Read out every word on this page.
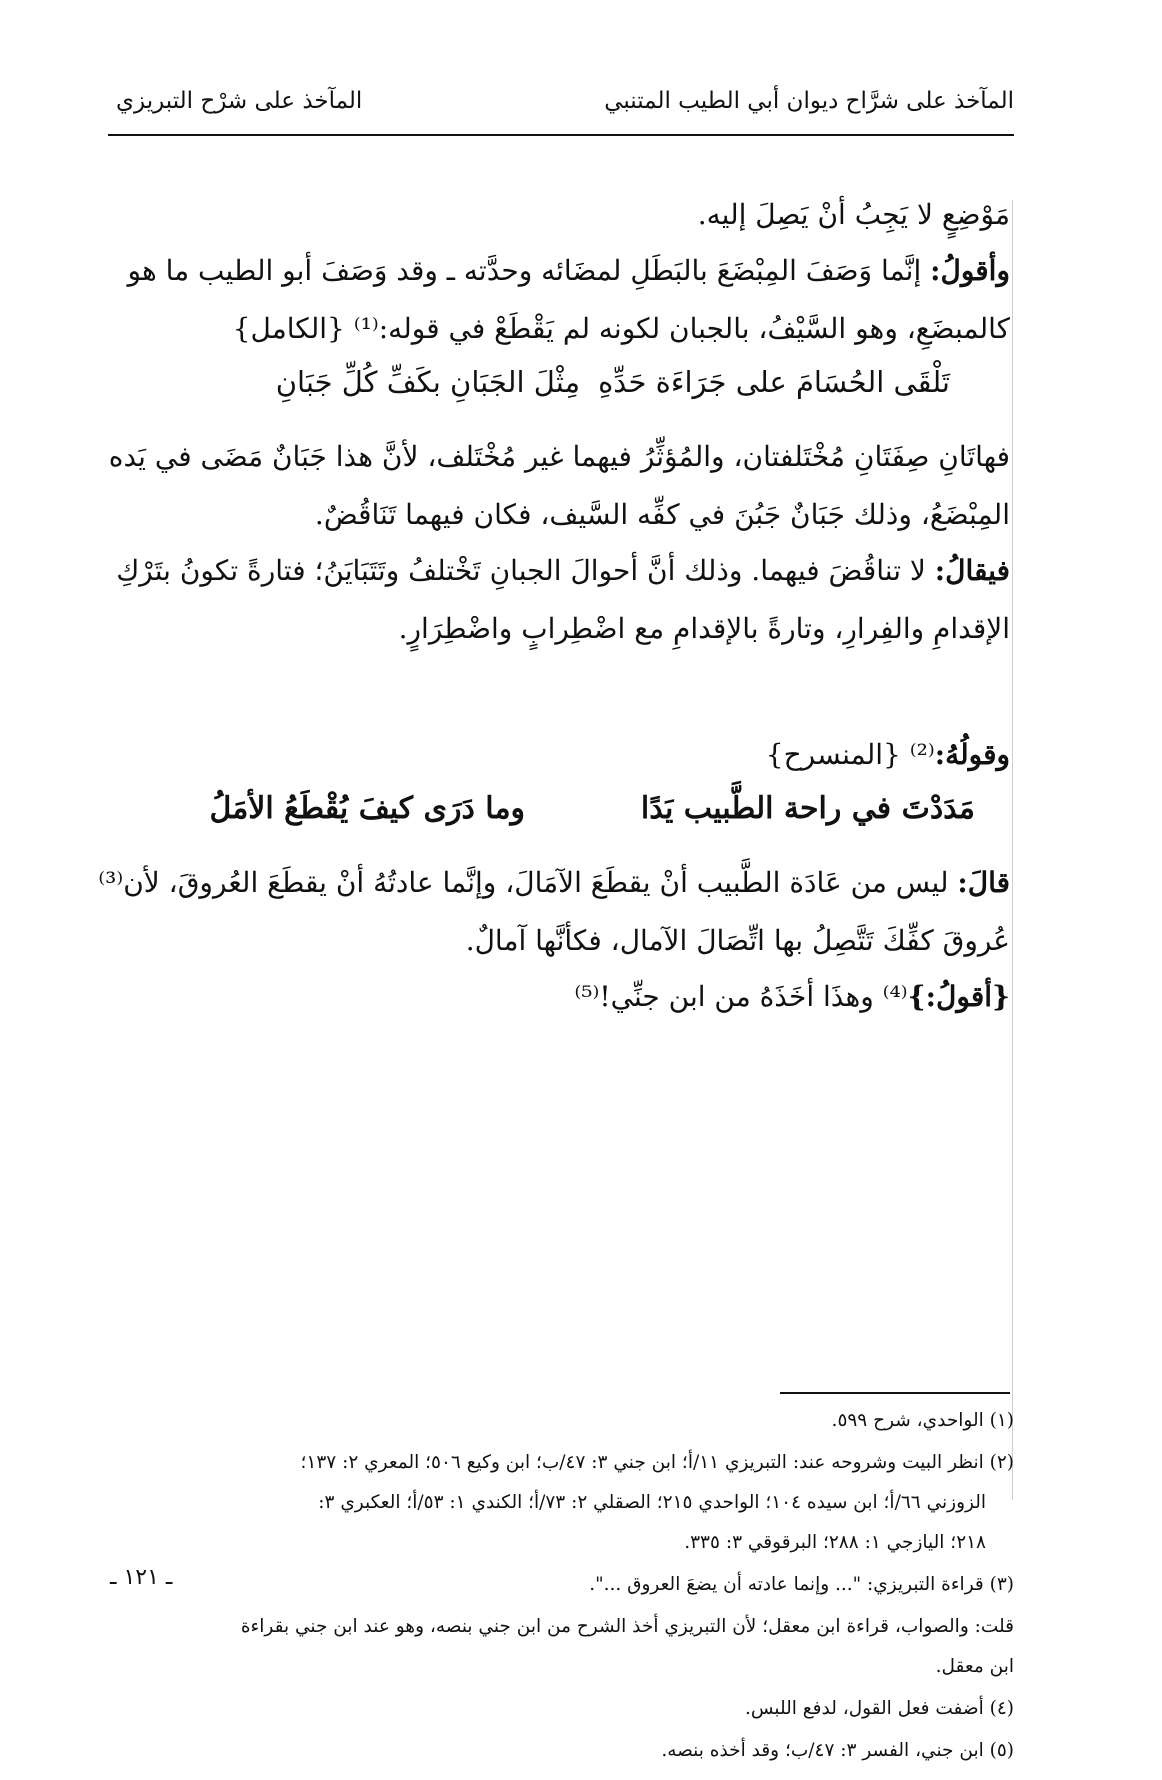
المآخذ على شرَّاح ديوان أبي الطيب المتنبي
المآخذ على شرْح التبريزي

مَوْضِعٍ لا يَجِبُ أنْ يَصِلَ إليه.

وأقولُ: إنَّما وَصَفَ المِبْضَعَ بالبَطَلِ لمضَائه وحدَّته ـ وقد وَصَفَ أبو الطيب ما هو

كالمبضَعِ، وهو السَّيْفُ، بالجبان لكونه لم يَقْطَعْ في قوله:⁽¹⁾ {الكامل}

تَلْقَى الحُسَامَ على جَرَاءَة حَدِّهِ
مِثْلَ الجَبَانِ بكَفِّ كُلِّ جَبَانِ

فهاتَانِ صِفَتَانِ مُخْتَلفتان، والمُؤثِّرُ فيهما غير مُخْتَلف، لأنَّ هذا جَبَانٌ مَضَى في يَده

المِبْضَعُ، وذلك جَبَانٌ جَبُنَ في كفِّه السَّيف، فكان فيهما تَنَاقُضٌ.

فيقالُ: لا تناقُضَ فيهما. وذلك أنَّ أحوالَ الجبانِ تَخْتلفُ وتَتَبَايَنُ؛ فتارةً تكونُ بتَرْكِ

الإقدامِ والفِرارِ، وتارةً بالإقدامِ مع اضْطِرابٍ واضْطِرَارٍ.

وقولُهُ:⁽²⁾ {المنسرح}

مَدَدْتَ في راحة الطَّبيب يَدًا
وما دَرَى كيفَ يُقْطَعُ الأمَلُ

قالَ: ليس من عَادَة الطَّبيب أنْ يقطَعَ الآمَالَ، وإنَّما عادتُهُ أنْ يقطَعَ العُروقَ، لأن⁽³⁾

عُروقَ كفِّكَ تَتَّصِلُ بها اتِّصَالَ الآمال، فكأنَّها آمالٌ.

{أقولُ:}⁽⁴⁾ وهذَا أخَذَهُ من ابن جنِّي!⁽⁵⁾

(١) الواحدي، شرح ٥٩٩.

(٢) انظر البيت وشروحه عند: التبريزي ١١/أ؛ ابن جني ٣: ٤٧/ب؛ ابن وكيع ٥٠٦؛ المعري ٢: ١٣٧؛
الزوزني ٦٦/أ؛ ابن سيده ١٠٤؛ الواحدي ٢١٥؛ الصقلي ٢: ٧٣/أ؛ الكندي ١: ٥٣/أ؛ العكبري ٣:
٢١٨؛ اليازجي ١: ٢٨٨؛ البرقوقي ٣: ٣٣٥.

(٣) قراءة التبريزي: "... وإنما عادته أن يضعَ العروق ...".

قلت: والصواب، قراءة ابن معقل؛ لأن التبريزي أخذ الشرح من ابن جني بنصه، وهو عند ابن جني بقراءة
ابن معقل.

(٤) أضفت فعل القول، لدفع اللبس.

(٥) ابن جني، الفسر ٣: ٤٧/ب؛ وقد أخذه بنصه.

ـ ١٢١ ـ
